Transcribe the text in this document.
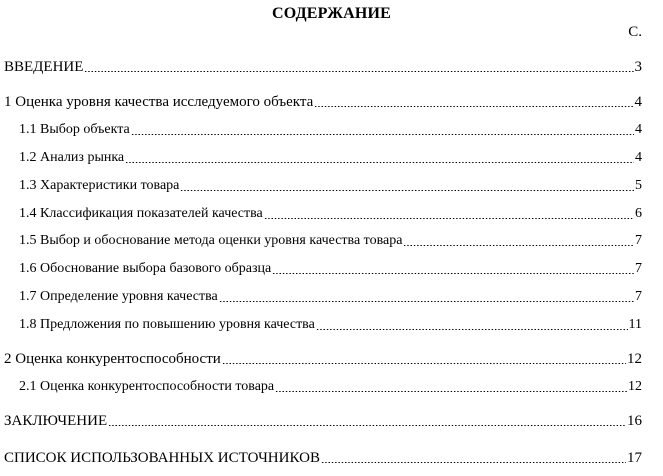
СОДЕРЖАНИЕ
С.
ВВЕДЕНИЕ	3
1 Оценка уровня качества исследуемого объекта	4
1.1 Выбор объекта	4
1.2 Анализ рынка	4
1.3 Характеристики товара	5
1.4 Классификация показателей качества	6
1.5 Выбор и обоснование метода оценки уровня качества товара	7
1.6 Обоснование выбора базового образца	7
1.7 Определение уровня качества	7
1.8 Предложения по повышению уровня качества	11
2 Оценка конкурентоспособности	12
2.1 Оценка конкурентоспособности товара	12
ЗАКЛЮЧЕНИЕ	16
СПИСОК ИСПОЛЬЗОВАННЫХ ИСТОЧНИКОВ	17
